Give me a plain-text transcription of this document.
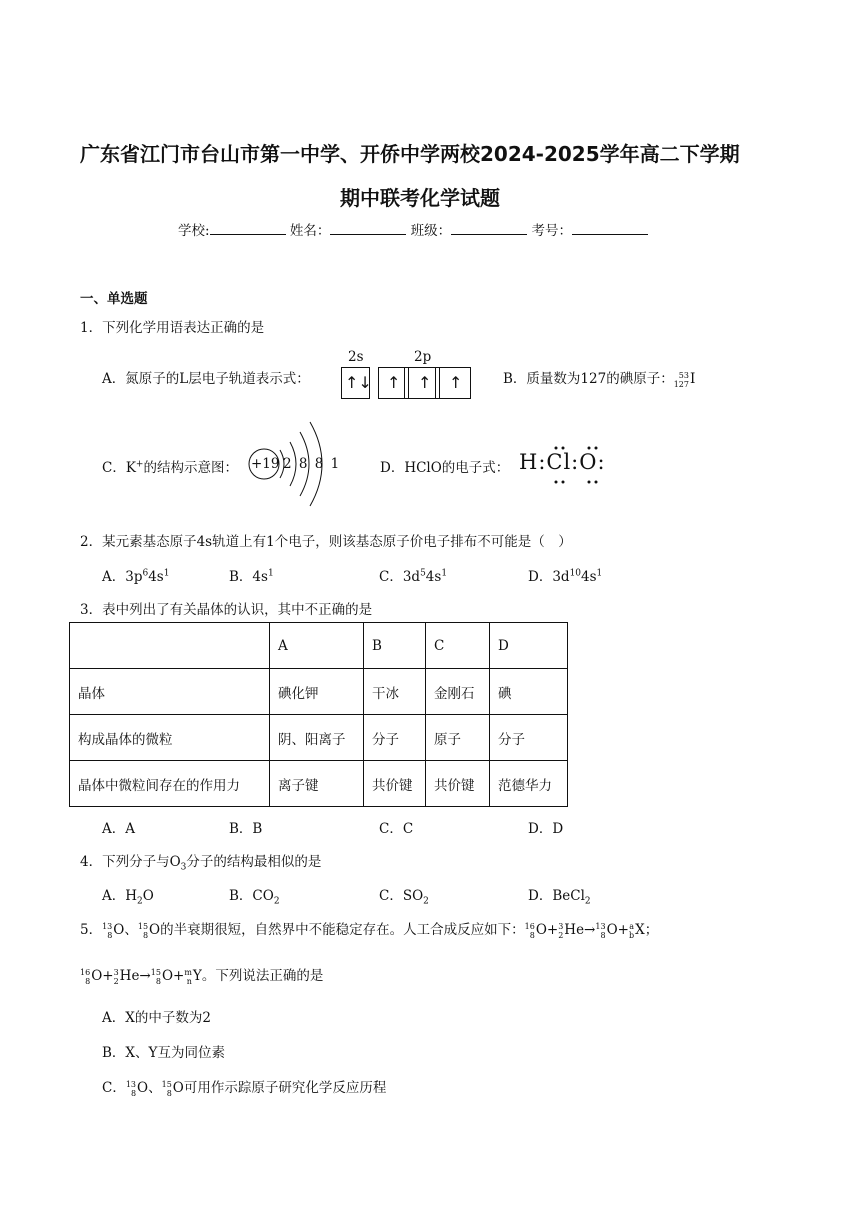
广东省江门市台山市第一中学、开侨中学两校2024-2025学年高二下学期
期中联考化学试题
学校:	姓名：	班级：	考号：
一、单选题
1．下列化学用语表达正确的是
A．氮原子的L层电子轨道表示式：
2s	2p
↑↓ ↑ ↑ ↑	B．质量数为127的碘原子： 53
127 I
C．K+的结构示意图： +19 2 8 8 1	D．HClO的电子式： H:Cl:O:
2．某元素基态原子4s轨道上有1个电子，则该基态原子价电子排布不可能是（　）
A．$3p^64s^1$	B．$4s^1$	C．$3d^54s^1$	D．$3d^{10}4s^1$
3．表中列出了有关晶体的认识，其中不正确的是
	A	B	C	D
晶体	碘化钾	干冰	金刚石	碘
构成晶体的微粒	阴、阳离子	分子	原子	分子
晶体中微粒间存在的作用力	离子键	共价键	共价键	范德华力
A．A	B．B	C．C	D．D
4．下列分子与$O_3$分子的结构最相似的是
A．$H_2O$	B．$CO_2$	C．$SO_2$	D．BeCl$_2$
5． 13
8 O、 15
8 O的半衰期很短，自然界中不能稳定存在。人工合成反应如下： 16
8 O+ 3
2 He→ 13
8 O+ a
b X；
16
8 O+ 3
2 He→ 15
8 O+ m
n Y。下列说法正确的是
A．X的中子数为2
B．X、Y互为同位素
C． 13
8 O、 15
8 O可用作示踪原子研究化学反应历程
